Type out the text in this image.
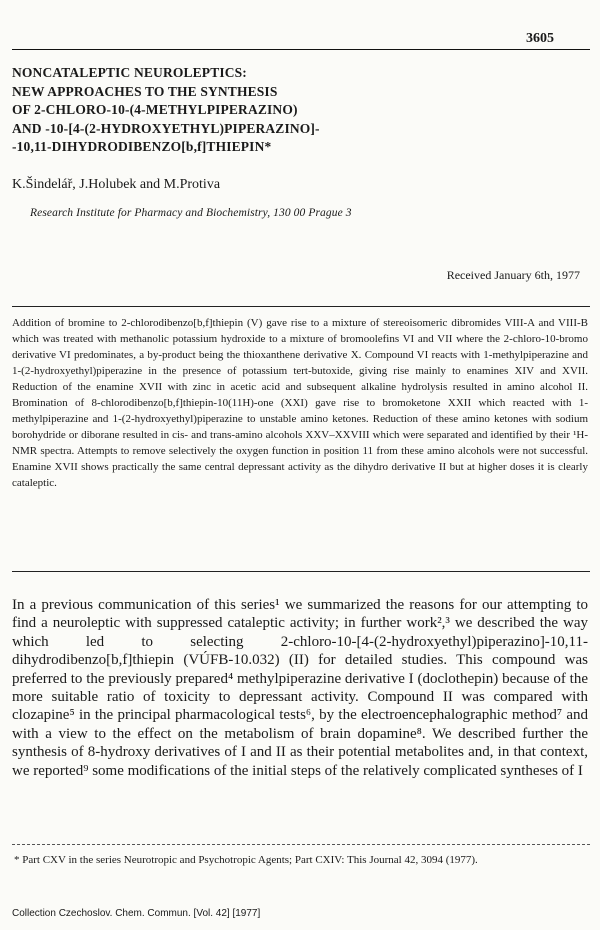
3605
NONCATALEPTIC NEUROLEPTICS:
NEW APPROACHES TO THE SYNTHESIS
OF 2-CHLORO-10-(4-METHYLPIPERAZINO)
AND -10-[4-(2-HYDROXYETHYL)PIPERAZINO]-
-10,11-DIHYDRODIBENZO[b,f]THIEPIN*
K.Šindelář, J.Holubek and M.Protiva
Research Institute for Pharmacy and Biochemistry, 130 00 Prague 3
Received January 6th, 1977

Addition of bromine to 2-chlorodibenzo[b,f]thiepin (V) gave rise to a mixture of stereoisomeric dibromides VIII-A and VIII-B which was treated with methanolic potassium hydroxide to a mixture of bromoolefins VI and VII where the 2-chloro-10-bromo derivative VI predominates, a by-product being the thioxanthene derivative X. Compound VI reacts with 1-methylpiperazine and 1-(2-hydroxyethyl)piperazine in the presence of potassium tert-butoxide, giving rise mainly to enamines XIV and XVII. Reduction of the enamine XVII with zinc in acetic acid and subsequent alkaline hydrolysis resulted in amino alcohol II. Bromination of 8-chlorodibenzo[b,f]thiepin-10(11H)-one (XXI) gave rise to bromoketone XXII which reacted with 1-methylpiperazine and 1-(2-hydroxyethyl)piperazine to unstable amino ketones. Reduction of these amino ketones with sodium borohydride or diborane resulted in cis- and trans-amino alcohols XXV–XXVIII which were separated and identified by their ¹H-NMR spectra. Attempts to remove selectively the oxygen function in position 11 from these amino alcohols were not successful. Enamine XVII shows practically the same central depressant activity as the dihydro derivative II but at higher doses it is clearly cataleptic.

In a previous communication of this series¹ we summarized the reasons for our attempting to find a neuroleptic with suppressed cataleptic activity; in further work²,³ we described the way which led to selecting 2-chloro-10-[4-(2-hydroxyethyl)piperazino]-10,11-dihydrodibenzo[b,f]thiepin (VÚFB-10.032) (II) for detailed studies. This compound was preferred to the previously prepared⁴ methylpiperazine derivative I (doclothepin) because of the more suitable ratio of toxicity to depressant activity. Compound II was compared with clozapine⁵ in the principal pharmacological tests⁶, by the electroencephalographic method⁷ and with a view to the effect on the metabolism of brain dopamine⁸. We described further the synthesis of 8-hydroxy derivatives of I and II as their potential metabolites and, in that context, we reported⁹ some modifications of the initial steps of the relatively complicated syntheses of I

* Part CXV in the series Neurotropic and Psychotropic Agents; Part CXIV: This Journal 42, 3094 (1977).

Collection Czechoslov. Chem. Commun. [Vol. 42] [1977]
